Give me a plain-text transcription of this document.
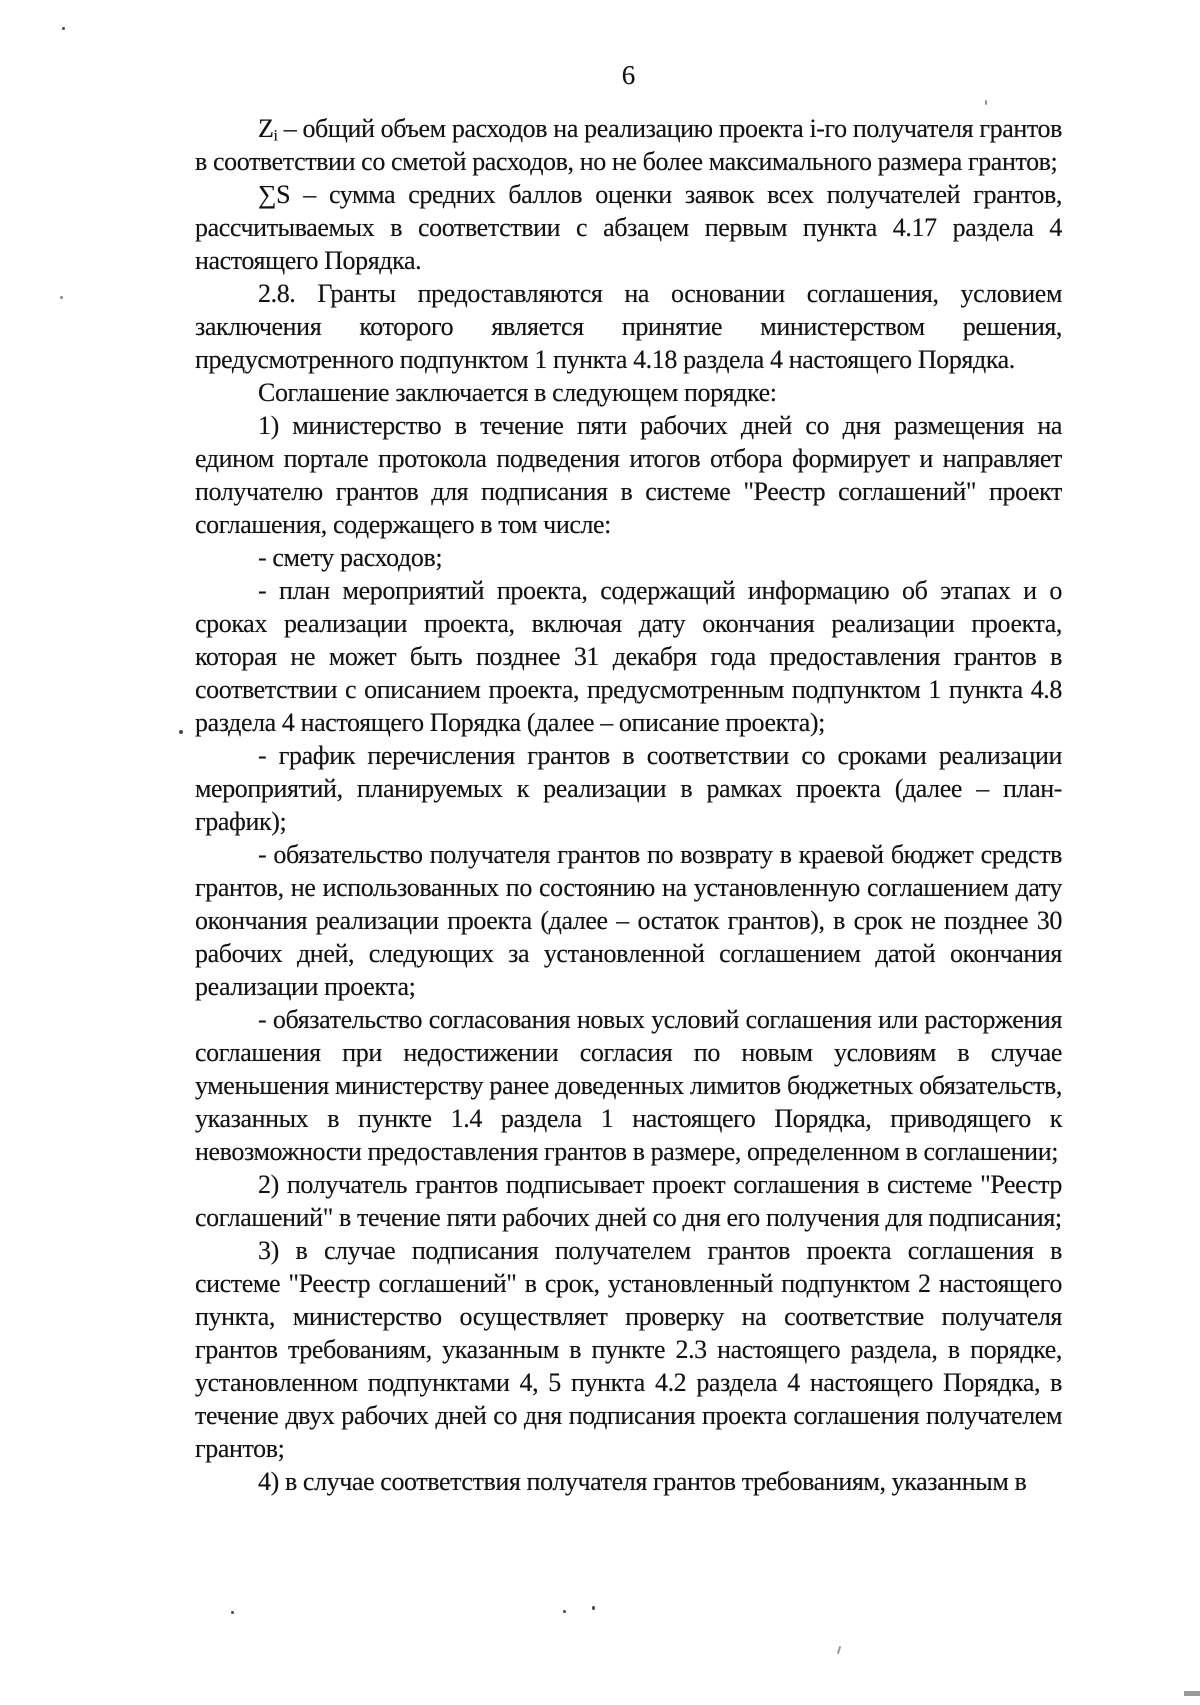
6

$Z_i$ – общий объем расходов на реализацию проекта i-го получателя грантов в соответствии со сметой расходов, но не более максимального размера грантов;

∑S – сумма средних баллов оценки заявок всех получателей грантов, рассчитываемых в соответствии с абзацем первым пункта 4.17 раздела 4 настоящего Порядка.

2.8. Гранты предоставляются на основании соглашения, условием заключения которого является принятие министерством решения, предусмотренного подпунктом 1 пункта 4.18 раздела 4 настоящего Порядка.

Соглашение заключается в следующем порядке:

1) министерство в течение пяти рабочих дней со дня размещения на едином портале протокола подведения итогов отбора формирует и направляет получателю грантов для подписания в системе "Реестр соглашений" проект соглашения, содержащего в том числе:

- смету расходов;

- план мероприятий проекта, содержащий информацию об этапах и о сроках реализации проекта, включая дату окончания реализации проекта, которая не может быть позднее 31 декабря года предоставления грантов в соответствии с описанием проекта, предусмотренным подпунктом 1 пункта 4.8 раздела 4 настоящего Порядка (далее – описание проекта);

- график перечисления грантов в соответствии со сроками реализации мероприятий, планируемых к реализации в рамках проекта (далее – план-график);

- обязательство получателя грантов по возврату в краевой бюджет средств грантов, не использованных по состоянию на установленную соглашением дату окончания реализации проекта (далее – остаток грантов), в срок не позднее 30 рабочих дней, следующих за установленной соглашением датой окончания реализации проекта;

- обязательство согласования новых условий соглашения или расторжения соглашения при недостижении согласия по новым условиям в случае уменьшения министерству ранее доведенных лимитов бюджетных обязательств, указанных в пункте 1.4 раздела 1 настоящего Порядка, приводящего к невозможности предоставления грантов в размере, определенном в соглашении;

2) получатель грантов подписывает проект соглашения в системе "Реестр соглашений" в течение пяти рабочих дней со дня его получения для подписания;

3) в случае подписания получателем грантов проекта соглашения в системе "Реестр соглашений" в срок, установленный подпунктом 2 настоящего пункта, министерство осуществляет проверку на соответствие получателя грантов требованиям, указанным в пункте 2.3 настоящего раздела, в порядке, установленном подпунктами 4, 5 пункта 4.2 раздела 4 настоящего Порядка, в течение двух рабочих дней со дня подписания проекта соглашения получателем грантов;

4) в случае соответствия получателя грантов требованиям, указанным в
